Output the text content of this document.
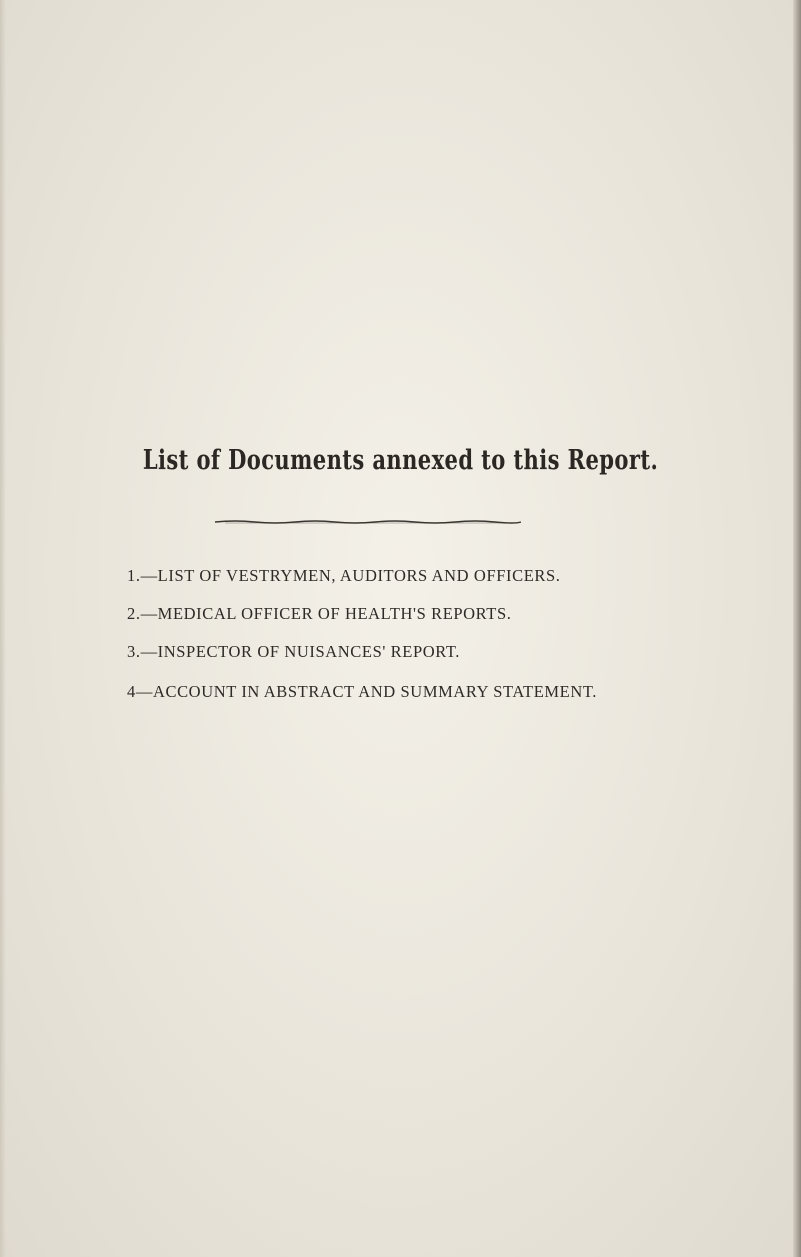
List of Documents annexed to this Report.
1.—LIST OF VESTRYMEN, AUDITORS AND OFFICERS.
2.—MEDICAL OFFICER OF HEALTH'S REPORTS.
3.—INSPECTOR OF NUISANCES' REPORT.
4—ACCOUNT IN ABSTRACT AND SUMMARY STATEMENT.
